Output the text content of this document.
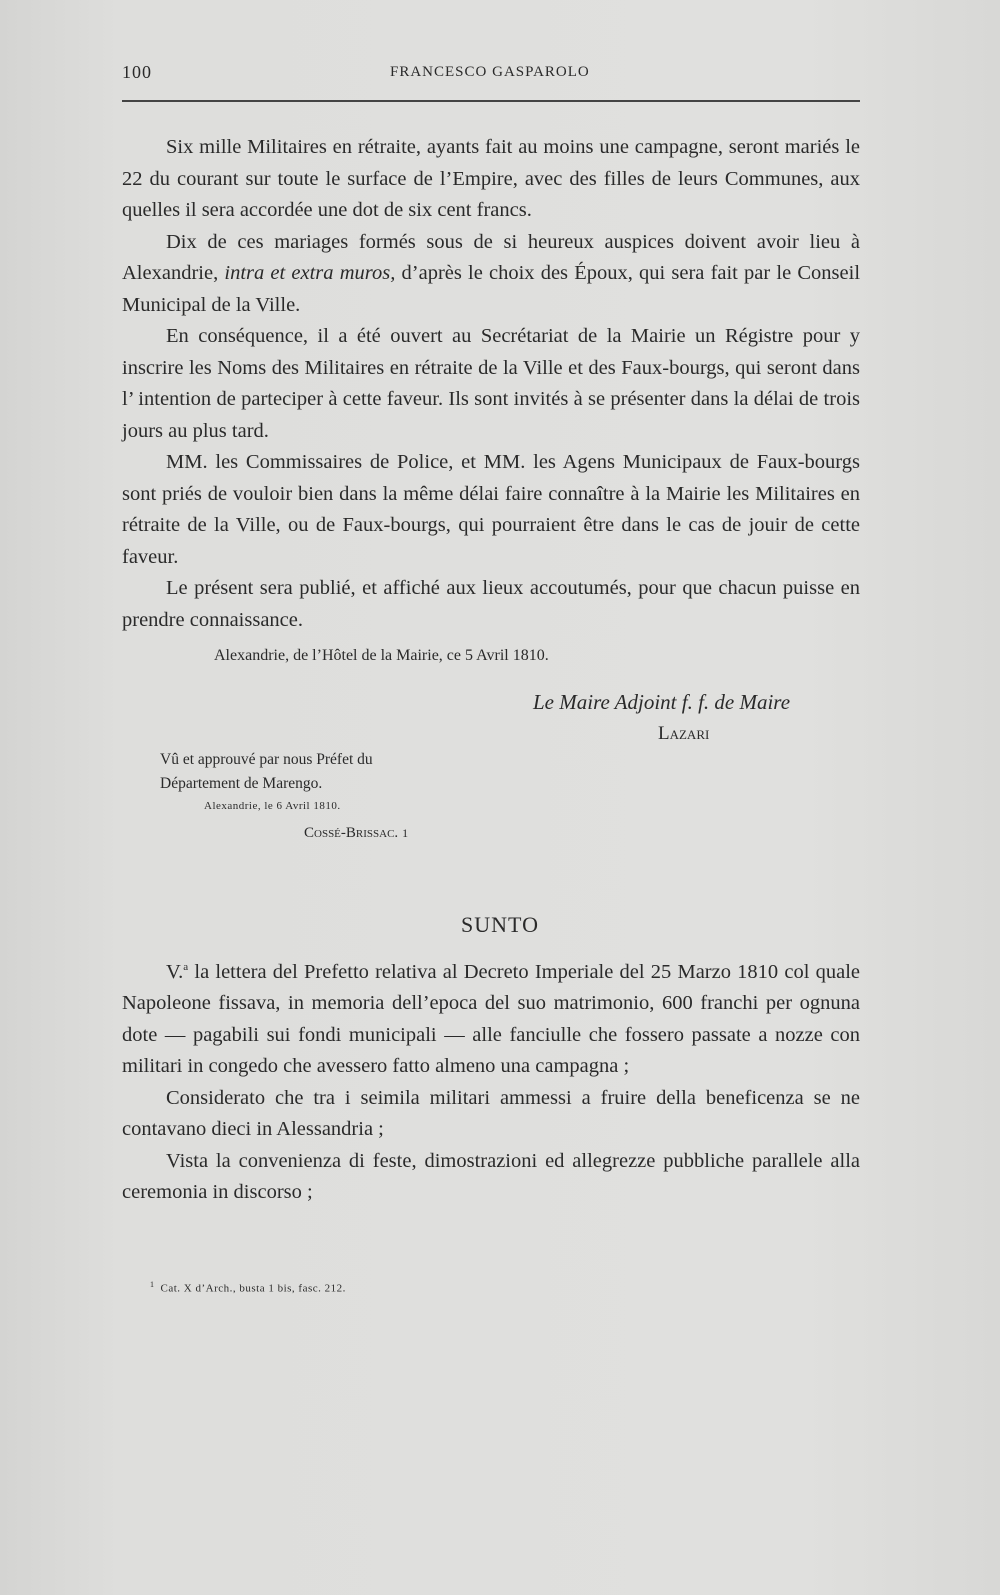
100	FRANCESCO GASPAROLO

Six mille Militaires en rétraite, ayants fait au moins une campagne, seront mariés le 22 du courant sur toute le surface de l’Empire, avec des filles de leurs Communes, aux quelles il sera accordée une dot de six cent francs.

Dix de ces mariages formés sous de si heureux auspices doivent avoir lieu à Alexandrie, intra et extra muros, d’après le choix des Époux, qui sera fait par le Conseil Municipal de la Ville.

En conséquence, il a été ouvert au Secrétariat de la Mairie un Régistre pour y inscrire les Noms des Militaires en rétraite de la Ville et des Faux-bourgs, qui seront dans l’ intention de parteciper à cette faveur. Ils sont invités à se présenter dans la délai de trois jours au plus tard.

MM. les Commissaires de Police, et MM. les Agens Municipaux de Faux-bourgs sont priés de vouloir bien dans la même délai faire connaître à la Mairie les Militaires en rétraite de la Ville, ou de Faux-bourgs, qui pourraient être dans le cas de jouir de cette faveur.

Le présent sera publié, et affiché aux lieux accoutumés, pour que chacun puisse en prendre connaissance.

Alexandrie, de l’Hôtel de la Mairie, ce 5 Avril 1810.
Le Maire Adjoint f. f. de Maire
Lazari
Vû et approuvé par nous Préfet du
Département de Marengo.
Alexandrie, le 6 Avril 1810.
Cossé-Brissac. 1
SUNTO

V.$^a$ la lettera del Prefetto relativa al Decreto Imperiale del 25 Marzo 1810 col quale Napoleone fissava, in memoria dell’epoca del suo matrimonio, 600 franchi per ognuna dote — pagabili sui fondi municipali — alle fanciulle che fossero passate a nozze con militari in congedo che avessero fatto almeno una campagna ;

Considerato che tra i seimila militari ammessi a fruire della beneficenza se ne contavano dieci in Alessandria ;

Vista la convenienza di feste, dimostrazioni ed allegrezze pubbliche parallele alla ceremonia in discorso ;

$^1$ Cat. X d’Arch., busta 1 bis, fasc. 212.
